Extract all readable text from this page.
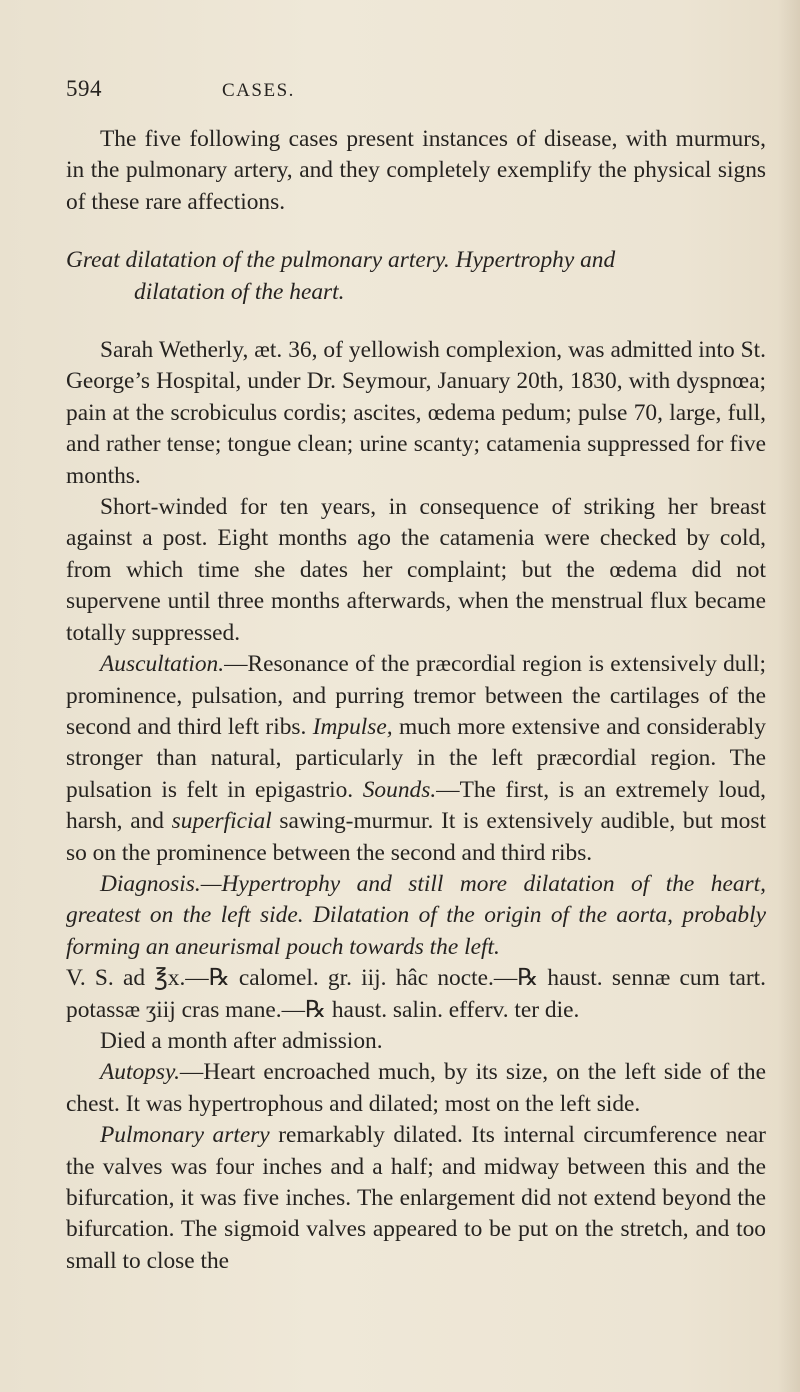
594	CASES.

The five following cases present instances of disease, with murmurs, in the pulmonary artery, and they completely exemplify the physical signs of these rare affections.

Great dilatation of the pulmonary artery. Hypertrophy and
dilatation of the heart.

Sarah Wetherly, æt. 36, of yellowish complexion, was admitted into St. George’s Hospital, under Dr. Seymour, January 20th, 1830, with dyspnœa; pain at the scrobiculus cordis; ascites, œdema pedum; pulse 70, large, full, and rather tense; tongue clean; urine scanty; catamenia suppressed for five months.

Short-winded for ten years, in consequence of striking her breast against a post. Eight months ago the catamenia were checked by cold, from which time she dates her complaint; but the œdema did not supervene until three months afterwards, when the menstrual flux became totally suppressed.

Auscultation.—Resonance of the præcordial region is extensively dull; prominence, pulsation, and purring tremor between the cartilages of the second and third left ribs. Impulse, much more extensive and considerably stronger than natural, particularly in the left præcordial region. The pulsation is felt in epigastrio. Sounds.—The first, is an extremely loud, harsh, and superficial sawing-murmur. It is extensively audible, but most so on the prominence between the second and third ribs.

Diagnosis.—Hypertrophy and still more dilatation of the heart, greatest on the left side. Dilatation of the origin of the aorta, probably forming an aneurismal pouch towards the left.

V. S. ad ℥x.—℞ calomel. gr. iij. hâc nocte.—℞ haust. sennæ cum tart. potassæ ʒiij cras mane.—℞ haust. salin. efferv. ter die.

Died a month after admission.

Autopsy.—Heart encroached much, by its size, on the left side of the chest. It was hypertrophous and dilated; most on the left side.

Pulmonary artery remarkably dilated. Its internal circumference near the valves was four inches and a half; and midway between this and the bifurcation, it was five inches. The enlargement did not extend beyond the bifurcation. The sigmoid valves appeared to be put on the stretch, and too small to close the
